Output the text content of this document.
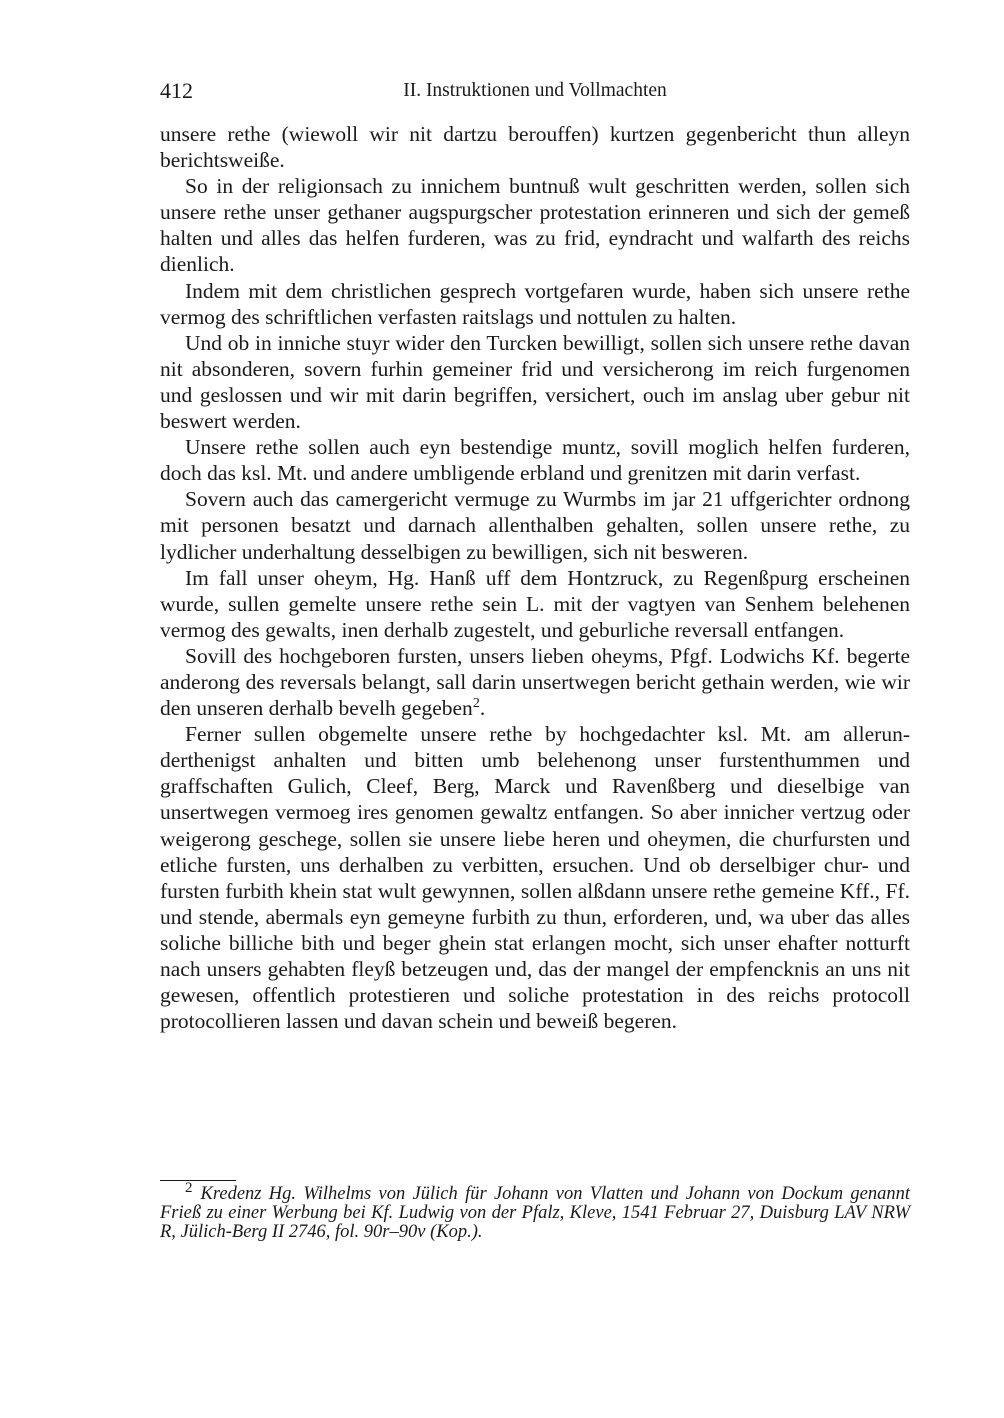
412	II. Instruktionen und Vollmachten

unsere rethe (wiewoll wir nit dartzu berouffen) kurtzen gegenbericht thun alleyn berichtsweiße.

So in der religionsach zu innichem buntnuß wult geschritten werden, sollen sich unsere rethe unser gethaner augspurgscher protestation erinneren und sich der gemeß halten und alles das helfen furderen, was zu frid, eyndracht und walfarth des reichs dienlich.

Indem mit dem christlichen gesprech vortgefaren wurde, haben sich unsere rethe vermog des schriftlichen verfasten raitslags und nottulen zu halten.

Und ob in inniche stuyr wider den Turcken bewilligt, sollen sich unsere rethe davan nit absonderen, sovern furhin gemeiner frid und versicherong im reich furgenomen und geslossen und wir mit darin begriffen, versichert, ouch im anslag uber gebur nit beswert werden.

Unsere rethe sollen auch eyn bestendige muntz, sovill moglich helfen furderen, doch das ksl. Mt. und andere umbligende erbland und grenitzen mit darin verfast.

Sovern auch das camergericht vermuge zu Wurmbs im jar 21 uffgerichter ordnong mit personen besatzt und darnach allenthalben gehalten, sollen unsere rethe, zu lydlicher underhaltung desselbigen zu bewilligen, sich nit besweren.

Im fall unser oheym, Hg. Hanß uff dem Hontzruck, zu Regenßpurg erscheinen wurde, sullen gemelte unsere rethe sein L. mit der vagtyen van Senhem belehenen vermog des gewalts, inen derhalb zugestelt, und geburliche reversall entfangen.

Sovill des hochgeboren fursten, unsers lieben oheyms, Pfgf. Lodwichs Kf. begerte anderong des reversals belangt, sall darin unsertwegen bericht gethain werden, wie wir den unseren derhalb bevelh gegeben$^2$.

Ferner sullen obgemelte unsere rethe by hochgedachter ksl. Mt. am allerunderthenigst anhalten und bitten umb belehenong unser furstenthummen und graffschaften Gulich, Cleef, Berg, Marck und Ravenßberg und dieselbige van unsertwegen vermoeg ires genomen gewaltz entfangen. So aber innicher vertzug oder weigerong geschege, sollen sie unsere liebe heren und oheymen, die churfursten und etliche fursten, uns derhalben zu verbitten, ersuchen. Und ob derselbiger chur- und fursten furbith khein stat wult gewynnen, sollen alßdann unsere rethe gemeine Kff., Ff. und stende, abermals eyn gemeyne furbith zu thun, erforderen, und, wa uber das alles soliche billiche bith und beger ghein stat erlangen mocht, sich unser ehafter notturft nach unsers gehabten fleyß betzeugen und, das der mangel der empfencknis an uns nit gewesen, offentlich protestieren und soliche protestation in des reichs protocoll protocollieren lassen und davan schein und beweiß begeren.

$^2$ Kredenz Hg. Wilhelms von Jülich für Johann von Vlatten und Johann von Dockum genannt Frieß zu einer Werbung bei Kf. Ludwig von der Pfalz, Kleve, 1541 Februar 27, Duisburg LAV NRW R, Jülich-Berg II 2746, fol. 90r–90v (Kop.).
